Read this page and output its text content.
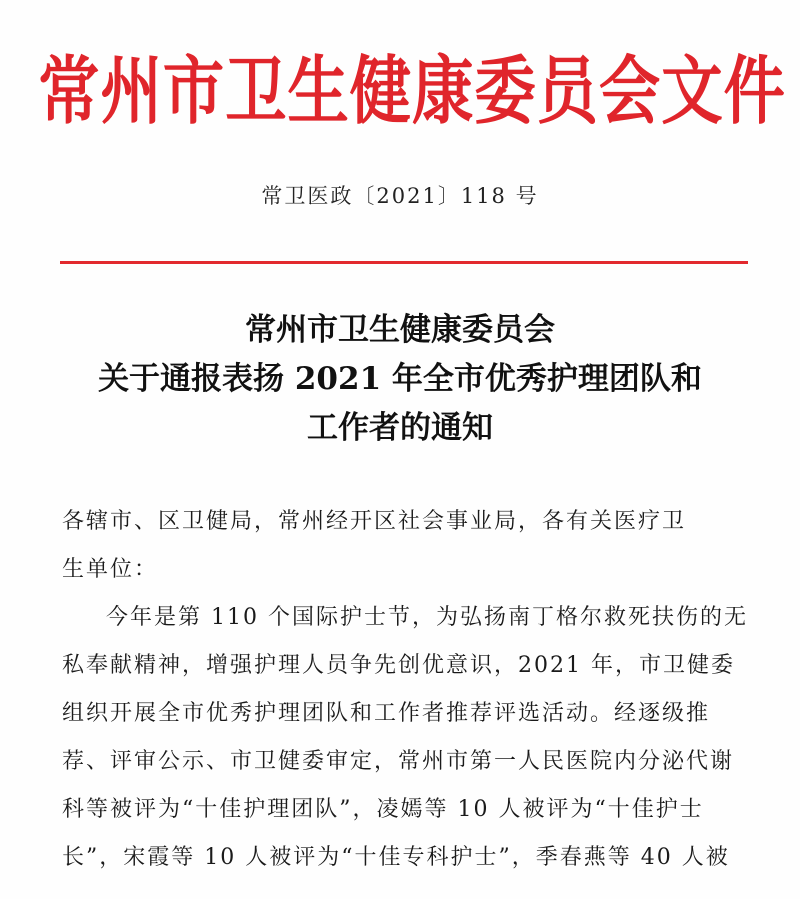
常州市卫生健康委员会文件
常卫医政〔2021〕118 号
常州市卫生健康委员会
关于通报表扬 2021 年全市优秀护理团队和
工作者的通知
各辖市、区卫健局，常州经开区社会事业局，各有关医疗卫
生单位：
今年是第 110 个国际护士节，为弘扬南丁格尔救死扶伤的无
私奉献精神，增强护理人员争先创优意识，2021 年，市卫健委
组织开展全市优秀护理团队和工作者推荐评选活动。经逐级推
荐、评审公示、市卫健委审定，常州市第一人民医院内分泌代谢
科等被评为“十佳护理团队”，凌嫣等 10 人被评为“十佳护士
长”，宋霞等 10 人被评为“十佳专科护士”，季春燕等 40 人被
